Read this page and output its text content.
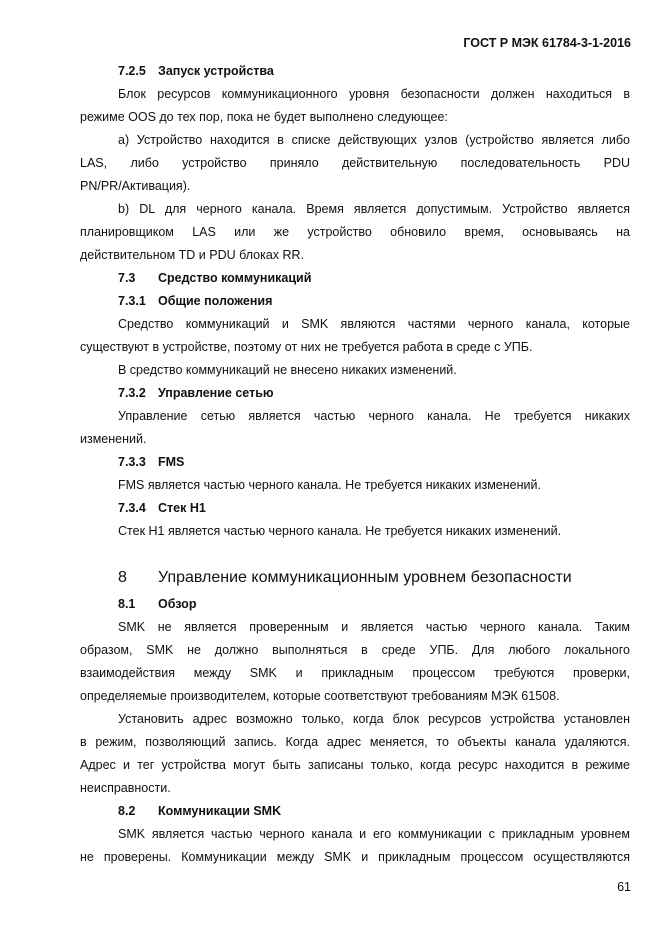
ГОСТ Р МЭК 61784-3-1-2016
7.2.5 Запуск устройства
Блок ресурсов коммуникационного уровня безопасности должен находиться в
режиме OOS до тех пор, пока не будет выполнено следующее:
а) Устройство находится в списке действующих узлов (устройство является либо
LAS, либо устройство приняло действительную последовательность PDU
PN/PR/Активация).
b) DL для черного канала. Время является допустимым. Устройство является
планировщиком LAS или же устройство обновило время, основываясь на
действительном TD и PDU блоках RR.
7.3 Средство коммуникаций
7.3.1 Общие положения
Средство коммуникаций и SMK являются частями черного канала, которые
существуют в устройстве, поэтому от них не требуется работа в среде с УПБ.
В средство коммуникаций не внесено никаких изменений.
7.3.2 Управление сетью
Управление сетью является частью черного канала. Не требуется никаких
изменений.
7.3.3 FMS
FMS является частью черного канала. Не требуется никаких изменений.
7.3.4 Стек H1
Стек H1 является частью черного канала. Не требуется никаких изменений.
8 Управление коммуникационным уровнем безопасности
8.1 Обзор
SMK не является проверенным и является частью черного канала. Таким
образом, SMK не должно выполняться в среде УПБ. Для любого локального
взаимодействия между SMK и прикладным процессом требуются проверки,
определяемые производителем, которые соответствуют требованиям МЭК 61508.
Установить адрес возможно только, когда блок ресурсов устройства установлен
в режим, позволяющий запись. Когда адрес меняется, то объекты канала удаляются.
Адрес и тег устройства могут быть записаны только, когда ресурс находится в режиме
неисправности.
8.2 Коммуникации SMK
SMK является частью черного канала и его коммуникации с прикладным уровнем
не проверены. Коммуникации между SMK и прикладным процессом осуществляются
61
